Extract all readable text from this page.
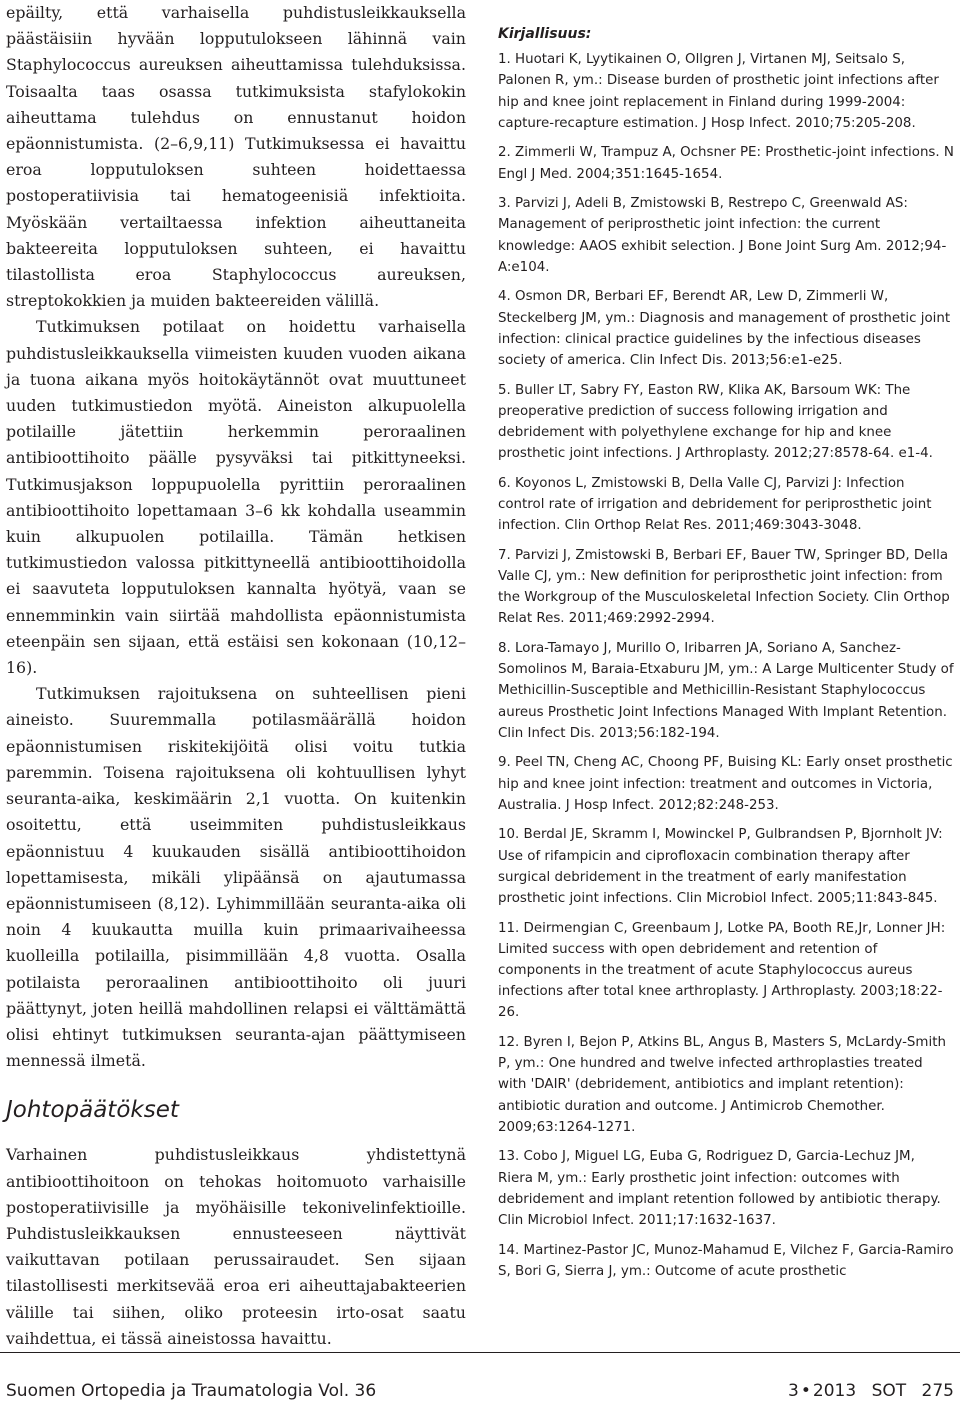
epäilty, että varhaisella puhdistusleikkauksella päästäisiin hyvään lopputulokseen lähinnä vain Staphylococcus aureuksen aiheuttamissa tulehduksissa. Toisaalta taas osassa tutkimuksista stafylokokin aiheuttama tulehdus on ennustanut hoidon epäonnistumista. (2–6,9,11) Tutkimuksessa ei havaittu eroa lopputuloksen suhteen hoidettaessa postoperatiivisia tai hematogeenisiä infektioita. Myöskään vertailtaessa infektion aiheuttaneita bakteereita lopputuloksen suhteen, ei havaittu tilastollista eroa Staphylococcus aureuksen, streptokokkien ja muiden bakteereiden välillä.

Tutkimuksen potilaat on hoidettu varhaisella puhdistusleikkauksella viimeisten kuuden vuoden aikana ja tuona aikana myös hoitokäytännöt ovat muuttuneet uuden tutkimustiedon myötä. Aineiston alkupuolella potilaille jätettiin herkemmin peroraalinen antibioottihoito päälle pysyväksi tai pitkittyneeksi. Tutkimusjakson loppupuolella pyrittiin peroraalinen antibioottihoito lopettamaan 3–6 kk kohdalla useammin kuin alkupuolen potilailla. Tämän hetkisen tutkimustiedon valossa pitkittyneellä antibioottihoidolla ei saavuteta lopputuloksen kannalta hyötyä, vaan se ennemminkin vain siirtää mahdollista epäonnistumista eteenpäin sen sijaan, että estäisi sen kokonaan (10,12–16).

Tutkimuksen rajoituksena on suhteellisen pieni aineisto. Suuremmalla potilasmäärällä hoidon epäonnistumisen riskitekijöitä olisi voitu tutkia paremmin. Toisena rajoituksena oli kohtuullisen lyhyt seuranta-aika, keskimäärin 2,1 vuotta. On kuitenkin osoitettu, että useimmiten puhdistusleikkaus epäonnistuu 4 kuukauden sisällä antibioottihoidon lopettamisesta, mikäli ylipäänsä on ajautumassa epäonnistumiseen (8,12). Lyhimmillään seuranta-aika oli noin 4 kuukautta muilla kuin primaarivaiheessa kuolleilla potilailla, pisimmillään 4,8 vuotta. Osalla potilaista peroraalinen antibioottihoito oli juuri päättynyt, joten heillä mahdollinen relapsi ei välttämättä olisi ehtinyt tutkimuksen seuranta-ajan päättymiseen mennessä ilmetä.

Johtopäätökset

Varhainen puhdistusleikkaus yhdistettynä antibioottihoitoon on tehokas hoitomuoto varhaisille postoperatiivisille ja myöhäisille tekonivelinfektioille. Puhdistusleikkauksen ennusteeseen näyttivät vaikuttavan potilaan perussairaudet. Sen sijaan tilastollisesti merkitsevää eroa eri aiheuttajabakteerien välille tai siihen, oliko proteesin irto-osat saatu vaihdettua, ei tässä aineistossa havaittu.

Kirjallisuus:
1. Huotari K, Lyytikainen O, Ollgren J, Virtanen MJ, Seitsalo S, Palonen R, ym.: Disease burden of prosthetic joint infections after hip and knee joint replacement in Finland during 1999-2004: capture-recapture estimation. J Hosp Infect. 2010;75:205-208.
2. Zimmerli W, Trampuz A, Ochsner PE: Prosthetic-joint infections. N Engl J Med. 2004;351:1645-1654.
3. Parvizi J, Adeli B, Zmistowski B, Restrepo C, Greenwald AS: Management of periprosthetic joint infection: the current knowledge: AAOS exhibit selection. J Bone Joint Surg Am. 2012;94-A:e104.
4. Osmon DR, Berbari EF, Berendt AR, Lew D, Zimmerli W, Steckelberg JM, ym.: Diagnosis and management of prosthetic joint infection: clinical practice guidelines by the infectious diseases society of america. Clin Infect Dis. 2013;56:e1-e25.
5. Buller LT, Sabry FY, Easton RW, Klika AK, Barsoum WK: The preoperative prediction of success following irrigation and debridement with polyethylene exchange for hip and knee prosthetic joint infections. J Arthroplasty. 2012;27:8578-64. e1-4.
6. Koyonos L, Zmistowski B, Della Valle CJ, Parvizi J: Infection control rate of irrigation and debridement for periprosthetic joint infection. Clin Orthop Relat Res. 2011;469:3043-3048.
7. Parvizi J, Zmistowski B, Berbari EF, Bauer TW, Springer BD, Della Valle CJ, ym.: New definition for periprosthetic joint infection: from the Workgroup of the Musculoskeletal Infection Society. Clin Orthop Relat Res. 2011;469:2992-2994.
8. Lora-Tamayo J, Murillo O, Iribarren JA, Soriano A, Sanchez-Somolinos M, Baraia-Etxaburu JM, ym.: A Large Multicenter Study of Methicillin-Susceptible and Methicillin-Resistant Staphylococcus aureus Prosthetic Joint Infections Managed With Implant Retention. Clin Infect Dis. 2013;56:182-194.
9. Peel TN, Cheng AC, Choong PF, Buising KL: Early onset prosthetic hip and knee joint infection: treatment and outcomes in Victoria, Australia. J Hosp Infect. 2012;82:248-253.
10. Berdal JE, Skramm I, Mowinckel P, Gulbrandsen P, Bjornholt JV: Use of rifampicin and ciprofloxacin combination therapy after surgical debridement in the treatment of early manifestation prosthetic joint infections. Clin Microbiol Infect. 2005;11:843-845.
11. Deirmengian C, Greenbaum J, Lotke PA, Booth RE,Jr, Lonner JH: Limited success with open debridement and retention of components in the treatment of acute Staphylococcus aureus infections after total knee arthroplasty. J Arthroplasty. 2003;18:22-26.
12. Byren I, Bejon P, Atkins BL, Angus B, Masters S, McLardy-Smith P, ym.: One hundred and twelve infected arthroplasties treated with 'DAIR' (debridement, antibiotics and implant retention): antibiotic duration and outcome. J Antimicrob Chemother. 2009;63:1264-1271.
13. Cobo J, Miguel LG, Euba G, Rodriguez D, Garcia-Lechuz JM, Riera M, ym.: Early prosthetic joint infection: outcomes with debridement and implant retention followed by antibiotic therapy. Clin Microbiol Infect. 2011;17:1632-1637.
14. Martinez-Pastor JC, Munoz-Mahamud E, Vilchez F, Garcia-Ramiro S, Bori G, Sierra J, ym.: Outcome of acute prosthetic
Suomen Ortopedia ja Traumatologia Vol. 36	3 • 2013 SOT 275
